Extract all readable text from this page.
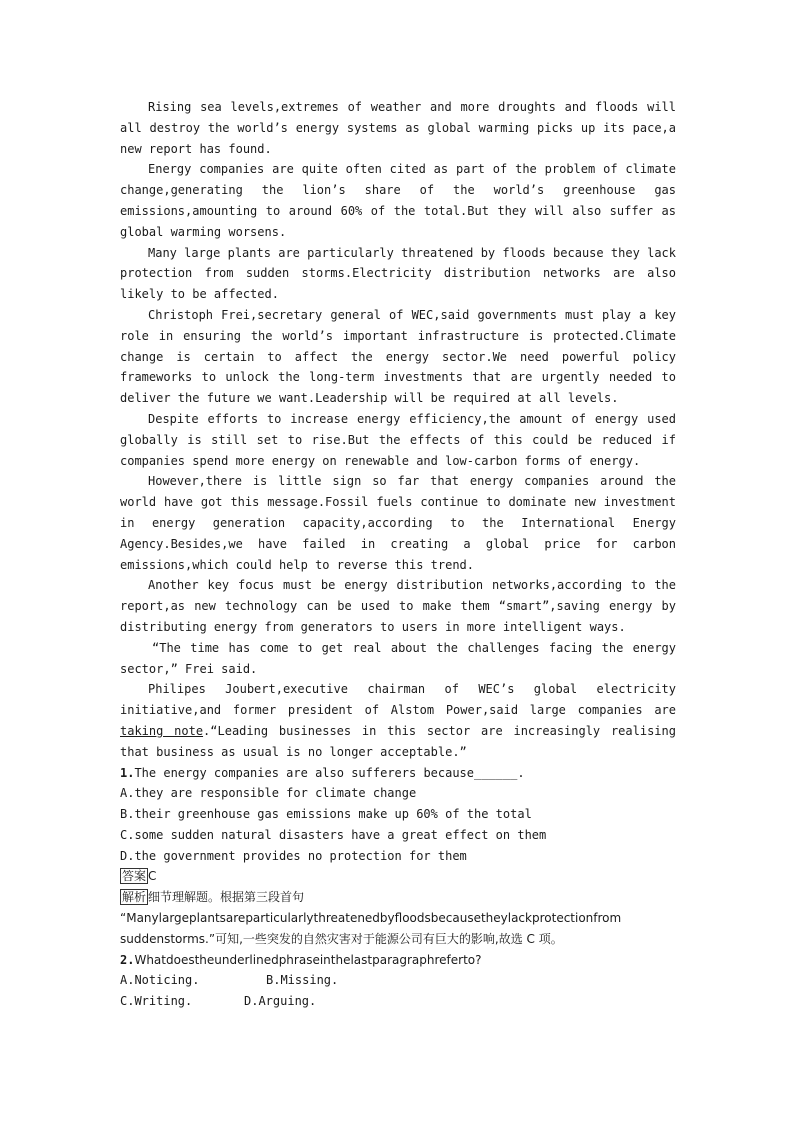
Rising sea levels,extremes of weather and more droughts and floods will all destroy the world’s energy systems as global warming picks up its pace,a new report has found.

Energy companies are quite often cited as part of the problem of climate change,generating the lion’s share of the world’s greenhouse gas emissions,amounting to around 60% of the total.But they will also suffer as global warming worsens.

Many large plants are particularly threatened by floods because they lack protection from sudden storms.Electricity distribution networks are also likely to be affected.

Christoph Frei,secretary general of WEC,said governments must play a key role in ensuring the world’s important infrastructure is protected.Climate change is certain to affect the energy sector.We need powerful policy frameworks to unlock the long-term investments that are urgently needed to deliver the future we want.Leadership will be required at all levels.

Despite efforts to increase energy efficiency,the amount of energy used globally is still set to rise.But the effects of this could be reduced if companies spend more energy on renewable and low-carbon forms of energy.

However,there is little sign so far that energy companies around the world have got this message.Fossil fuels continue to dominate new investment in energy generation capacity,according to the International Energy Agency.Besides,we have failed in creating a global price for carbon emissions,which could help to reverse this trend.

Another key focus must be energy distribution networks,according to the report,as new technology can be used to make them “smart”,saving energy by distributing energy from generators to users in more intelligent ways.

“The time has come to get real about the challenges facing the energy sector,” Frei said.

Philipes Joubert,executive chairman of WEC’s global electricity initiative,and former president of Alstom Power,said large companies are taking note.“Leading businesses in this sector are increasingly realising that business as usual is no longer acceptable.”

1.The energy companies are also sufferers because______.

A.they are responsible for climate change

B.their greenhouse gas emissions make up 60% of the total

C.some sudden natural disasters have a great effect on them

D.the government provides no protection for them

答案 C

解析 细节理解题。根据第三段首句

“Manylargeplantsareparticularlythreatenedbyfloodsbecausetheylackprotectionfrom

suddenstorms.”可知,一些突发的自然灾害对于能源公司有巨大的影响,故选 C 项。

2.Whatdoestheunderlinedphraseinthelastparagraphreferto?

A.Noticing.	B.Missing.

C.Writing.	D.Arguing.
